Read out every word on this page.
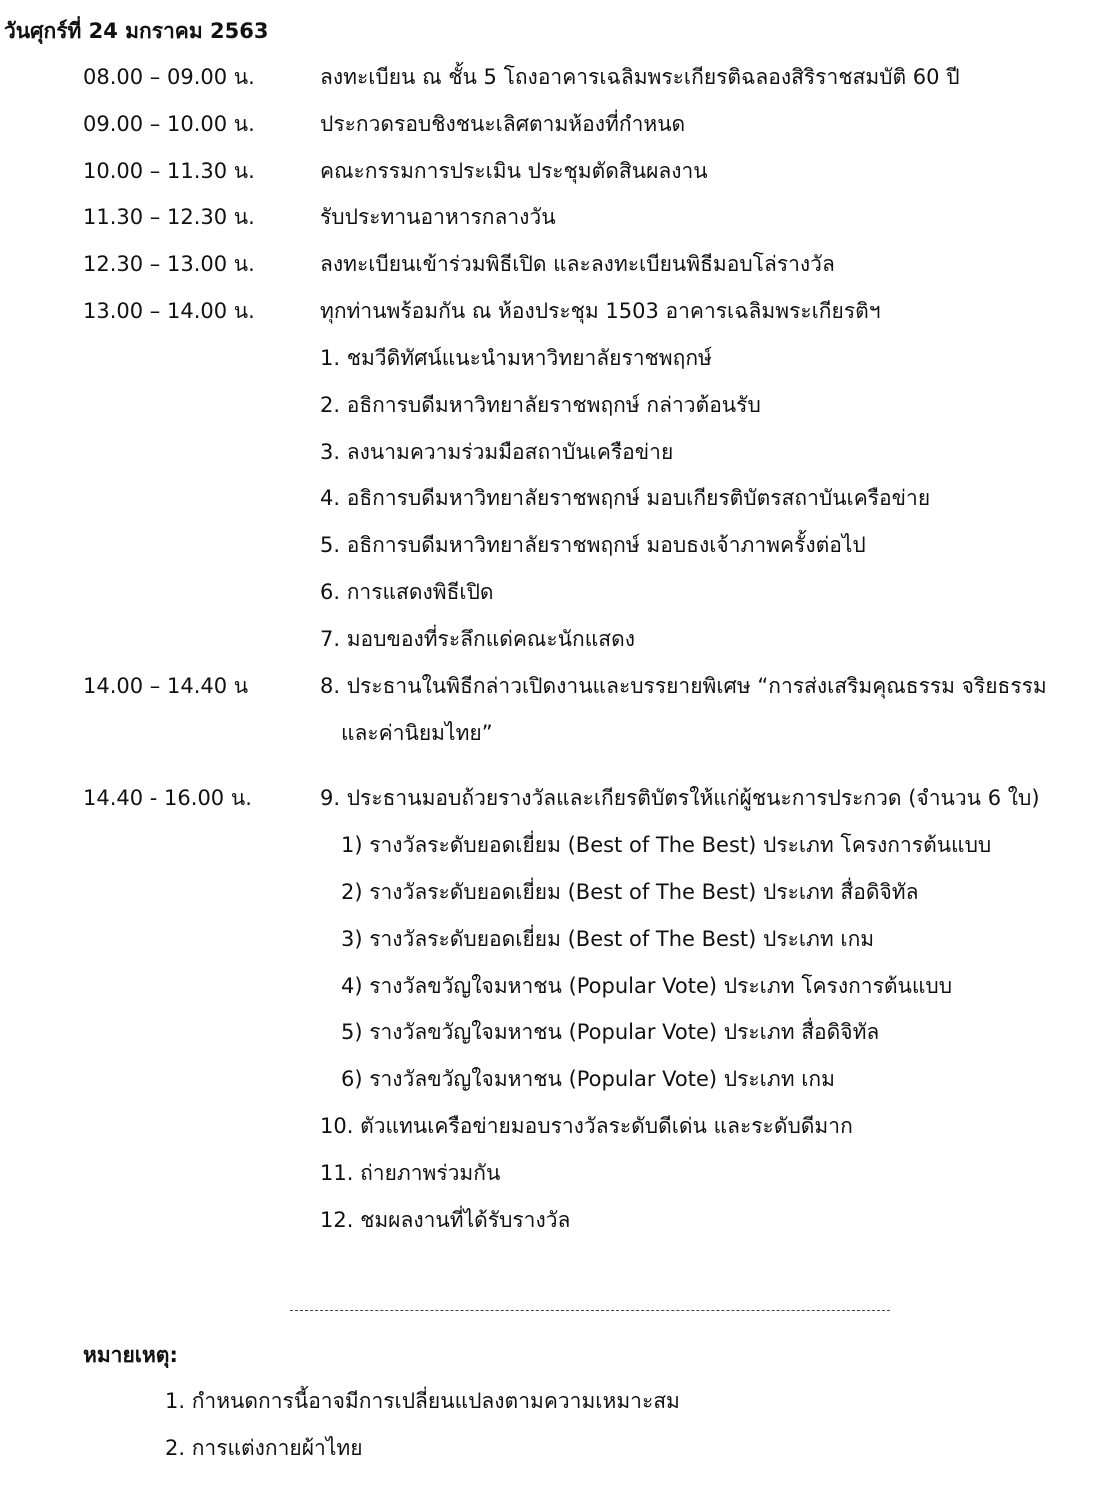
วันศุกร์ที่ 24 มกราคม 2563
08.00 – 09.00 น.	ลงทะเบียน ณ ชั้น 5 โถงอาคารเฉลิมพระเกียรติฉลองสิริราชสมบัติ 60 ปี
09.00 – 10.00 น.	ประกวดรอบชิงชนะเลิศตามห้องที่กำหนด
10.00 – 11.30 น.	คณะกรรมการประเมิน ประชุมตัดสินผลงาน
11.30 – 12.30 น.	รับประทานอาหารกลางวัน
12.30 – 13.00 น.	ลงทะเบียนเข้าร่วมพิธีเปิด และลงทะเบียนพิธีมอบโล่รางวัล
13.00 – 14.00 น.	ทุกท่านพร้อมกัน ณ ห้องประชุม 1503 อาคารเฉลิมพระเกียรติฯ
1. ชมวีดิทัศน์แนะนำมหาวิทยาลัยราชพฤกษ์
2. อธิการบดีมหาวิทยาลัยราชพฤกษ์ กล่าวต้อนรับ
3. ลงนามความร่วมมือสถาบันเครือข่าย
4. อธิการบดีมหาวิทยาลัยราชพฤกษ์ มอบเกียรติบัตรสถาบันเครือข่าย
5. อธิการบดีมหาวิทยาลัยราชพฤกษ์ มอบธงเจ้าภาพครั้งต่อไป
6. การแสดงพิธีเปิด
7. มอบของที่ระลึกแด่คณะนักแสดง
14.00 – 14.40 น	8. ประธานในพิธีกล่าวเปิดงานและบรรยายพิเศษ “การส่งเสริมคุณธรรม จริยธรรม
และค่านิยมไทย”
14.40 - 16.00 น.	9. ประธานมอบถ้วยรางวัลและเกียรติบัตรให้แก่ผู้ชนะการประกวด (จำนวน 6 ใบ)
1) รางวัลระดับยอดเยี่ยม (Best of The Best) ประเภท โครงการต้นแบบ
2) รางวัลระดับยอดเยี่ยม (Best of The Best) ประเภท สื่อดิจิทัล
3) รางวัลระดับยอดเยี่ยม (Best of The Best) ประเภท เกม
4) รางวัลขวัญใจมหาชน (Popular Vote) ประเภท โครงการต้นแบบ
5) รางวัลขวัญใจมหาชน (Popular Vote) ประเภท สื่อดิจิทัล
6) รางวัลขวัญใจมหาชน (Popular Vote) ประเภท เกม
10. ตัวแทนเครือข่ายมอบรางวัลระดับดีเด่น และระดับดีมาก
11. ถ่ายภาพร่วมกัน
12. ชมผลงานที่ได้รับรางวัล
หมายเหตุ:
1. กำหนดการนี้อาจมีการเปลี่ยนแปลงตามความเหมาะสม
2. การแต่งกายผ้าไทย
